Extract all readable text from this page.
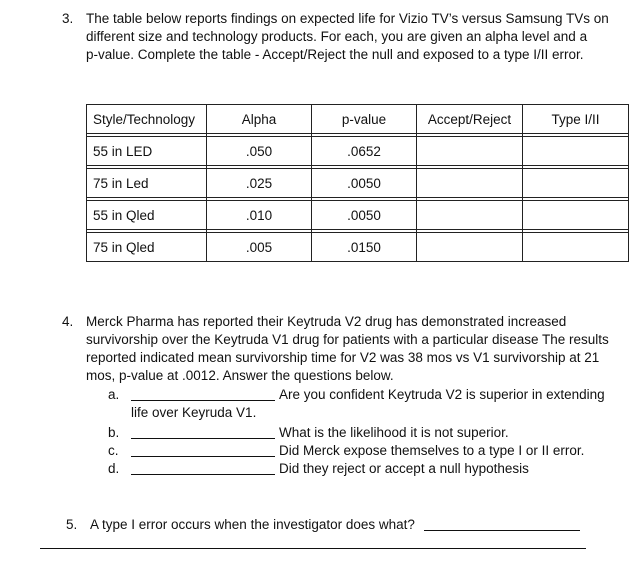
3. The table below reports findings on expected life for Vizio TV’s versus Samsung TVs on
different size and technology products. For each, you are given an alpha level and a
p-value. Complete the table - Accept/Reject the null and exposed to a type I/II error.
Style/Technology	Alpha	p-value	Accept/Reject	Type I/II

55 in LED	.050	.0652		

75 in Led	.025	.0050		

55 in Qled	.010	.0050		

75 in Qled	.005	.0150		
4. Merck Pharma has reported their Keytruda V2 drug has demonstrated increased
survivorship over the Keytruda V1 drug for patients with a particular disease The results
reported indicated mean survivorship time for V2 was 38 mos vs V1 survivorship at 21
mos, p-value at .0012. Answer the questions below.
a.	Are you confident Keytruda V2 is superior in extending
life over Keyruda V1.
b.	What is the likelihood it is not superior.
c.	Did Merck expose themselves to a type I or II error.
d.	Did they reject or accept a null hypothesis
5. A type I error occurs when the investigator does what?
